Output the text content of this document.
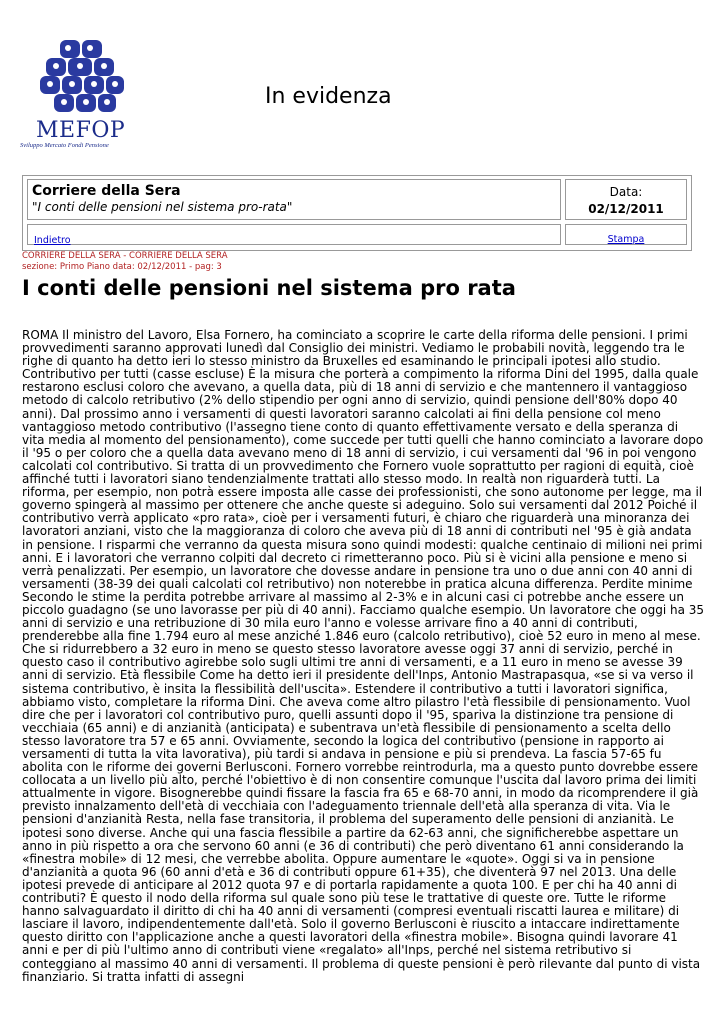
MEFOP
Sviluppo Mercato Fondi Pensione
In evidenza
Corriere della Sera
"I conti delle pensioni nel sistema pro-rata"
Data:
02/12/2011
Indietro	Stampa
CORRIERE DELLA SERA - CORRIERE DELLA SERA
sezione: Primo Piano data: 02/12/2011 - pag: 3
I conti delle pensioni nel sistema pro rata

ROMA Il ministro del Lavoro, Elsa Fornero, ha cominciato a scoprire le carte della riforma delle pensioni. I primi provvedimenti saranno approvati lunedì dal Consiglio dei ministri. Vediamo le probabili novità, leggendo tra le righe di quanto ha detto ieri lo stesso ministro da Bruxelles ed esaminando le principali ipotesi allo studio. Contributivo per tutti (casse escluse) È la misura che porterà a compimento la riforma Dini del 1995, dalla quale restarono esclusi coloro che avevano, a quella data, più di 18 anni di servizio e che mantennero il vantaggioso metodo di calcolo retributivo (2% dello stipendio per ogni anno di servizio, quindi pensione dell'80% dopo 40 anni). Dal prossimo anno i versamenti di questi lavoratori saranno calcolati ai fini della pensione col meno vantaggioso metodo contributivo (l'assegno tiene conto di quanto effettivamente versato e della speranza di vita media al momento del pensionamento), come succede per tutti quelli che hanno cominciato a lavorare dopo il '95 o per coloro che a quella data avevano meno di 18 anni di servizio, i cui versamenti dal '96 in poi vengono calcolati col contributivo. Si tratta di un provvedimento che Fornero vuole soprattutto per ragioni di equità, cioè affinché tutti i lavoratori siano tendenzialmente trattati allo stesso modo. In realtà non riguarderà tutti. La riforma, per esempio, non potrà essere imposta alle casse dei professionisti, che sono autonome per legge, ma il governo spingerà al massimo per ottenere che anche queste si adeguino. Solo sui versamenti dal 2012 Poiché il contributivo verrà applicato «pro rata», cioè per i versamenti futuri, è chiaro che riguarderà una minoranza dei lavoratori anziani, visto che la maggioranza di coloro che aveva più di 18 anni di contributi nel '95 è già andata in pensione. I risparmi che verranno da questa misura sono quindi modesti: qualche centinaio di milioni nei primi anni. E i lavoratori che verranno colpiti dal decreto ci rimetteranno poco. Più si è vicini alla pensione e meno si verrà penalizzati. Per esempio, un lavoratore che dovesse andare in pensione tra uno o due anni con 40 anni di versamenti (38-39 dei quali calcolati col retributivo) non noterebbe in pratica alcuna differenza. Perdite minime Secondo le stime la perdita potrebbe arrivare al massimo al 2-3% e in alcuni casi ci potrebbe anche essere un piccolo guadagno (se uno lavorasse per più di 40 anni). Facciamo qualche esempio. Un lavoratore che oggi ha 35 anni di servizio e una retribuzione di 30 mila euro l'anno e volesse arrivare fino a 40 anni di contributi, prenderebbe alla fine 1.794 euro al mese anziché 1.846 euro (calcolo retributivo), cioè 52 euro in meno al mese. Che si ridurrebbero a 32 euro in meno se questo stesso lavoratore avesse oggi 37 anni di servizio, perché in questo caso il contributivo agirebbe solo sugli ultimi tre anni di versamenti, e a 11 euro in meno se avesse 39 anni di servizio. Età flessibile Come ha detto ieri il presidente dell'Inps, Antonio Mastrapasqua, «se si va verso il sistema contributivo, è insita la flessibilità dell'uscita». Estendere il contributivo a tutti i lavoratori significa, abbiamo visto, completare la riforma Dini. Che aveva come altro pilastro l'età flessibile di pensionamento. Vuol dire che per i lavoratori col contributivo puro, quelli assunti dopo il '95, spariva la distinzione tra pensione di vecchiaia (65 anni) e di anzianità (anticipata) e subentrava un'età flessibile di pensionamento a scelta dello stesso lavoratore tra 57 e 65 anni. Ovviamente, secondo la logica del contributivo (pensione in rapporto ai versamenti di tutta la vita lavorativa), più tardi si andava in pensione e più si prendeva. La fascia 57-65 fu abolita con le riforme dei governi Berlusconi. Fornero vorrebbe reintrodurla, ma a questo punto dovrebbe essere collocata a un livello più alto, perché l'obiettivo è di non consentire comunque l'uscita dal lavoro prima dei limiti attualmente in vigore. Bisognerebbe quindi fissare la fascia fra 65 e 68-70 anni, in modo da ricomprendere il già previsto innalzamento dell'età di vecchiaia con l'adeguamento triennale dell'età alla speranza di vita. Via le pensioni d'anzianità Resta, nella fase transitoria, il problema del superamento delle pensioni di anzianità. Le ipotesi sono diverse. Anche qui una fascia flessibile a partire da 62-63 anni, che significherebbe aspettare un anno in più rispetto a ora che servono 60 anni (e 36 di contributi) che però diventano 61 anni considerando la «finestra mobile» di 12 mesi, che verrebbe abolita. Oppure aumentare le «quote». Oggi si va in pensione d'anzianità a quota 96 (60 anni d'età e 36 di contributi oppure 61+35), che diventerà 97 nel 2013. Una delle ipotesi prevede di anticipare al 2012 quota 97 e di portarla rapidamente a quota 100. E per chi ha 40 anni di contributi? È questo il nodo della riforma sul quale sono più tese le trattative di queste ore. Tutte le riforme hanno salvaguardato il diritto di chi ha 40 anni di versamenti (compresi eventuali riscatti laurea e militare) di lasciare il lavoro, indipendentemente dall'età. Solo il governo Berlusconi è riuscito a intaccare indirettamente questo diritto con l'applicazione anche a questi lavoratori della «finestra mobile». Bisogna quindi lavorare 41 anni e per di più l'ultimo anno di contributi viene «regalato» all'Inps, perché nel sistema retributivo si conteggiano al massimo 40 anni di versamenti. Il problema di queste pensioni è però rilevante dal punto di vista finanziario. Si tratta infatti di assegni
